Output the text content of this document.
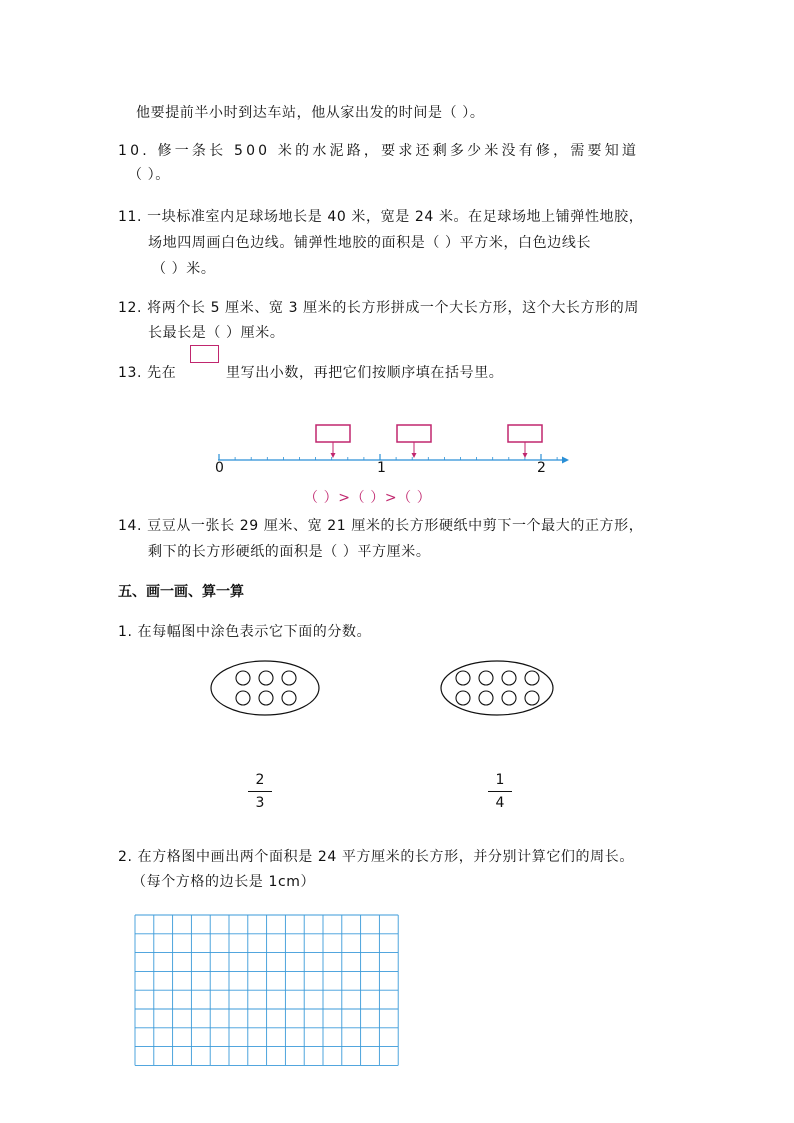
他要提前半小时到达车站，他从家出发的时间是（ ）。
10. 修一条长 500 米的水泥路，要求还剩多少米没有修，需要知道
（ ）。
11. 一块标准室内足球场地长是 40 米，宽是 24 米。在足球场地上铺弹性地胶，
场地四周画白色边线。铺弹性地胶的面积是（ ）平方米，白色边线长
（ ）米。
12. 将两个长 5 厘米、宽 3 厘米的长方形拼成一个大长方形，这个大长方形的周
长最长是（ ）厘米。
13. 先在	里写出小数，再把它们按顺序填在括号里。
0	1	2
（ ）>（ ）>（ ）
14. 豆豆从一张长 29 厘米、宽 21 厘米的长方形硬纸中剪下一个最大的正方形，
剩下的长方形硬纸的面积是（ ）平方厘米。
五、画一画、算一算
1. 在每幅图中涂色表示它下面的分数。
2
3
1
4
2. 在方格图中画出两个面积是 24 平方厘米的长方形，并分别计算它们的周长。
（每个方格的边长是 1cm）
